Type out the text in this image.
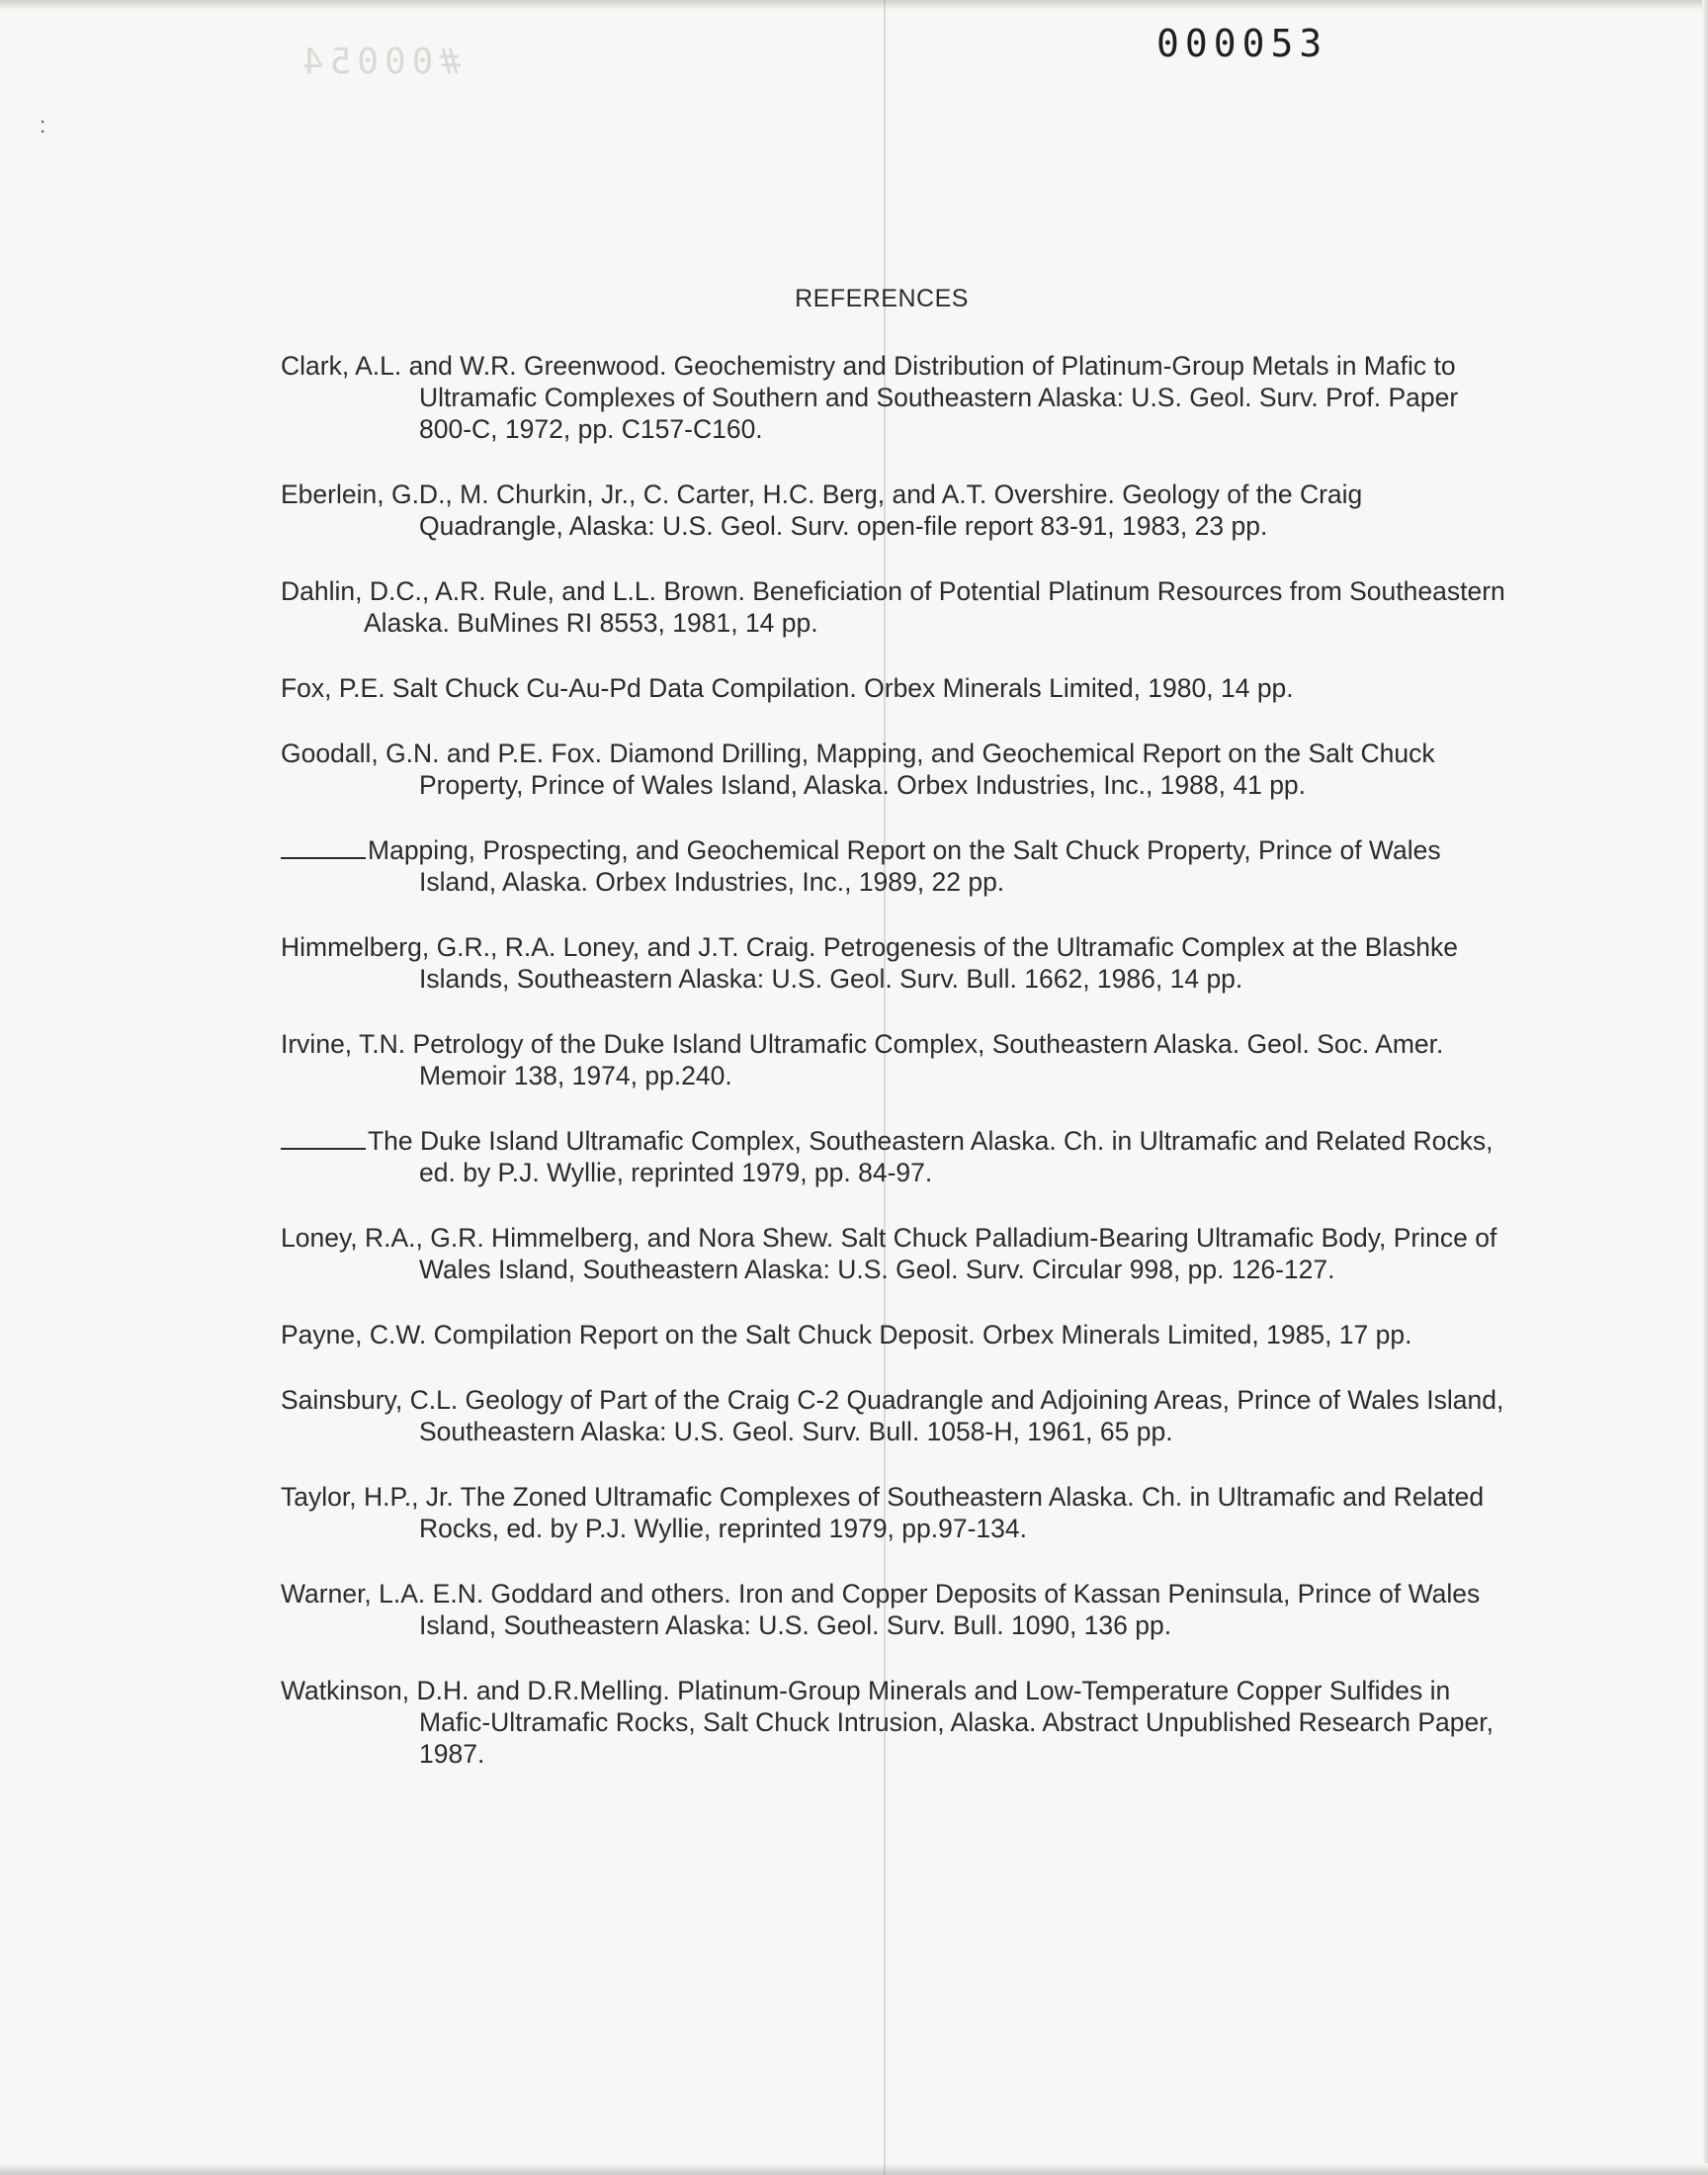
:
#00054	000053
REFERENCES
Clark, A.L. and W.R. Greenwood. Geochemistry and Distribution of Platinum-Group Metals in Mafic to Ultramafic Complexes of Southern and Southeastern Alaska: U.S. Geol. Surv. Prof. Paper 800-C, 1972, pp. C157-C160.
Eberlein, G.D., M. Churkin, Jr., C. Carter, H.C. Berg, and A.T. Overshire. Geology of the Craig Quadrangle, Alaska: U.S. Geol. Surv. open-file report 83-91, 1983, 23 pp.
Dahlin, D.C., A.R. Rule, and L.L. Brown. Beneficiation of Potential Platinum Resources from Southeastern Alaska. BuMines RI 8553, 1981, 14 pp.
Fox, P.E. Salt Chuck Cu-Au-Pd Data Compilation. Orbex Minerals Limited, 1980, 14 pp.
Goodall, G.N. and P.E. Fox. Diamond Drilling, Mapping, and Geochemical Report on the Salt Chuck Property, Prince of Wales Island, Alaska. Orbex Industries, Inc., 1988, 41 pp.
Mapping, Prospecting, and Geochemical Report on the Salt Chuck Property, Prince of Wales Island, Alaska. Orbex Industries, Inc., 1989, 22 pp.
Himmelberg, G.R., R.A. Loney, and J.T. Craig. Petrogenesis of the Ultramafic Complex at the Blashke Islands, Southeastern Alaska: U.S. Geol. Surv. Bull. 1662, 1986, 14 pp.
Irvine, T.N. Petrology of the Duke Island Ultramafic Complex, Southeastern Alaska. Geol. Soc. Amer. Memoir 138, 1974, pp.240.
The Duke Island Ultramafic Complex, Southeastern Alaska. Ch. in Ultramafic and Related Rocks, ed. by P.J. Wyllie, reprinted 1979, pp. 84-97.
Loney, R.A., G.R. Himmelberg, and Nora Shew. Salt Chuck Palladium-Bearing Ultramafic Body, Prince of Wales Island, Southeastern Alaska: U.S. Geol. Surv. Circular 998, pp. 126-127.
Payne, C.W. Compilation Report on the Salt Chuck Deposit. Orbex Minerals Limited, 1985, 17 pp.
Sainsbury, C.L. Geology of Part of the Craig C-2 Quadrangle and Adjoining Areas, Prince of Wales Island, Southeastern Alaska: U.S. Geol. Surv. Bull. 1058-H, 1961, 65 pp.
Taylor, H.P., Jr. The Zoned Ultramafic Complexes of Southeastern Alaska. Ch. in Ultramafic and Related Rocks, ed. by P.J. Wyllie, reprinted 1979, pp.97-134.
Warner, L.A. E.N. Goddard and others. Iron and Copper Deposits of Kassan Peninsula, Prince of Wales Island, Southeastern Alaska: U.S. Geol. Surv. Bull. 1090, 136 pp.
Watkinson, D.H. and D.R.Melling. Platinum-Group Minerals and Low-Temperature Copper Sulfides in Mafic-Ultramafic Rocks, Salt Chuck Intrusion, Alaska. Abstract Unpublished Research Paper, 1987.
